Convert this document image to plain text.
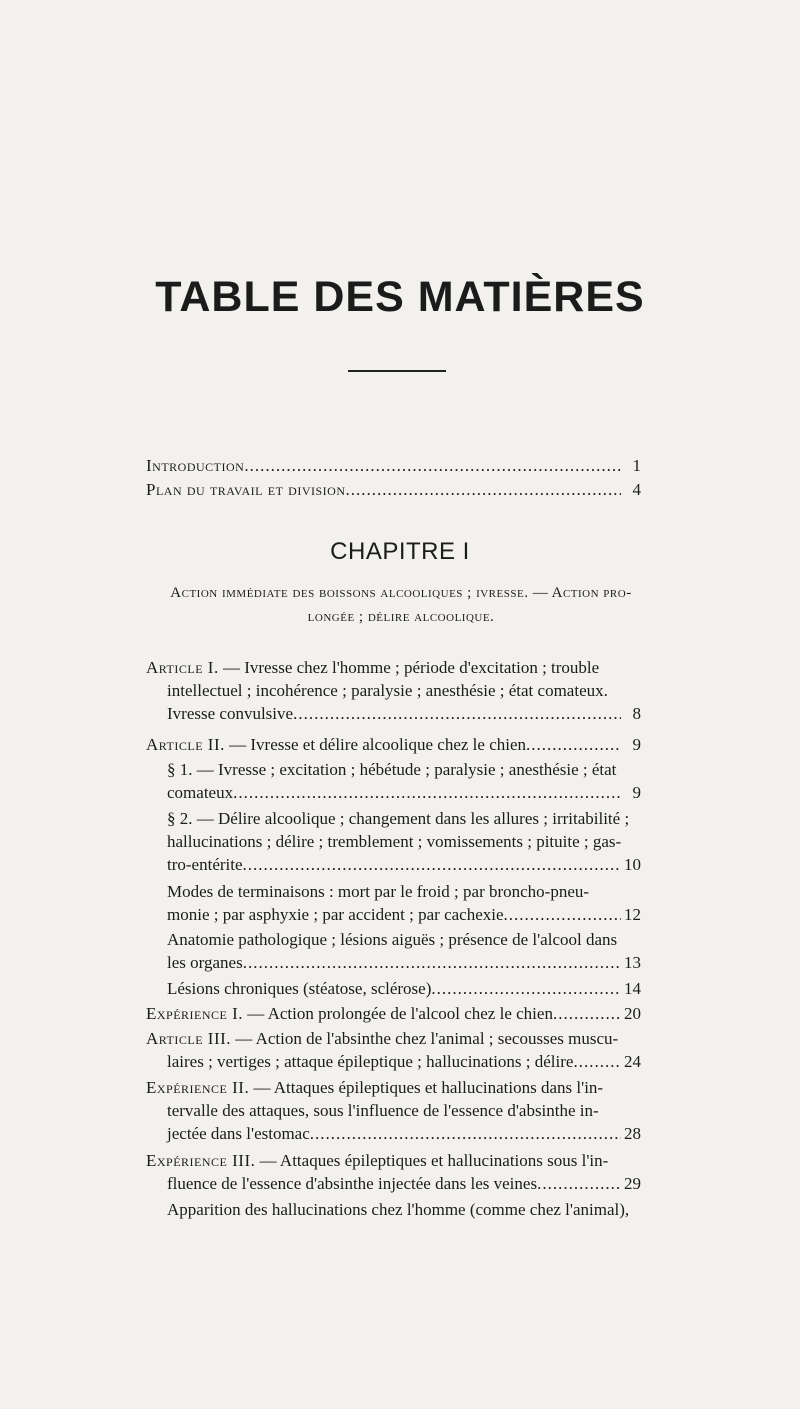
TABLE DES MATIÈRES
Introduction .....	1
Plan du travail et division .....	4
CHAPITRE I
Action immédiate des boissons alcooliques ; ivresse. — Action pro-
longée ; délire alcoolique.
Article I. — Ivresse chez l'homme ; période d'excitation ; trouble
intellectuel ; incohérence ; paralysie ; anesthésie ; état comateux.
Ivresse convulsive .....	8
Article II. — Ivresse et délire alcoolique chez le chien .....	9
§ 1. — Ivresse ; excitation ; hébétude ; paralysie ; anesthésie ; état
comateux .....	9
§ 2. — Délire alcoolique ; changement dans les allures ; irritabilité ;
hallucinations ; délire ; tremblement ; vomissements ; pituite ; gas-
tro-entérite .....	10
Modes de terminaisons : mort par le froid ; par broncho-pneu-
monie ; par asphyxie ; par accident ; par cachexie .....	12
Anatomie pathologique ; lésions aiguës ; présence de l'alcool dans
les organes .....	13
Lésions chroniques (stéatose, sclérose) .....	14
Expérience I. — Action prolongée de l'alcool chez le chien .....	20
Article III. — Action de l'absinthe chez l'animal ; secousses muscu-
laires ; vertiges ; attaque épileptique ; hallucinations ; délire .....	24
Expérience II. — Attaques épileptiques et hallucinations dans l'in-
tervalle des attaques, sous l'influence de l'essence d'absinthe in-
jectée dans l'estomac .....	28
Expérience III. — Attaques épileptiques et hallucinations sous l'in-
fluence de l'essence d'absinthe injectée dans les veines .....	29
Apparition des hallucinations chez l'homme (comme chez l'animal),
